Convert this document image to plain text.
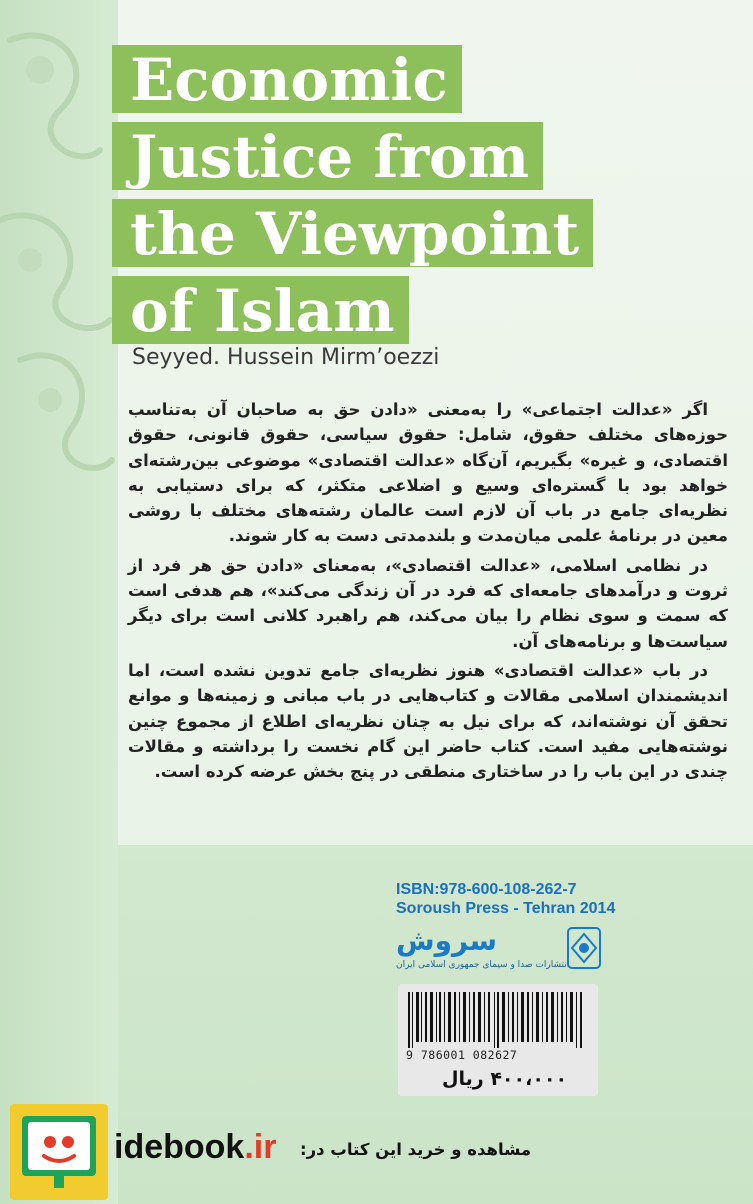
Economic
Justice from
the Viewpoint
of Islam
Seyyed. Hussein Mirm’oezzi

اگر «عدالت اجتماعی» را به‌معنی «دادن حق به صاحبان آن به‌تناسب حوزه‌های مختلف حقوق، شامل: حقوق سیاسی، حقوق قانونی، حقوق اقتصادی، و غیره» بگیریم، آن‌گاه «عدالت اقتصادی» موضوعی بین‌رشته‌ای خواهد بود با گستره‌ای وسیع و اضلاعی متکثر، که برای دستیابی به نظریه‌ای جامع در باب آن لازم است عالمان رشته‌های مختلف با روشی معین در برنامهٔ علمی میان‌مدت و بلندمدتی دست به کار شوند.

در نظامی اسلامی، «عدالت اقتصادی»، به‌معنای «دادن حق هر فرد از ثروت و درآمدهای جامعه‌ای که فرد در آن زندگی می‌کند»، هم هدفی است که سمت و سوی نظام را بیان می‌کند، هم راهبرد کلانی است برای دیگر سیاست‌ها و برنامه‌های آن.

در باب «عدالت اقتصادی» هنوز نظریه‌ای جامع تدوین نشده است، اما اندیشمندان اسلامی مقالات و کتاب‌هایی در باب مبانی و زمینه‌ها و موانع تحقق آن نوشته‌اند، که برای نیل به چنان نظریه‌ای اطلاع از مجموع چنین نوشته‌هایی مفید است. کتاب حاضر این گام نخست را برداشته و مقالات چندی در این باب را در ساختاری منطقی در پنج بخش عرضه کرده است.

ISBN:978-600-108-262-7
Soroush Press - Tehran 2014
سروش
انتشارات صدا و سیمای جمهوری اسلامی ایران
9 786001 082627
۴۰۰،۰۰۰ ریال
idebook.ir مشاهده و خرید این کتاب در:
